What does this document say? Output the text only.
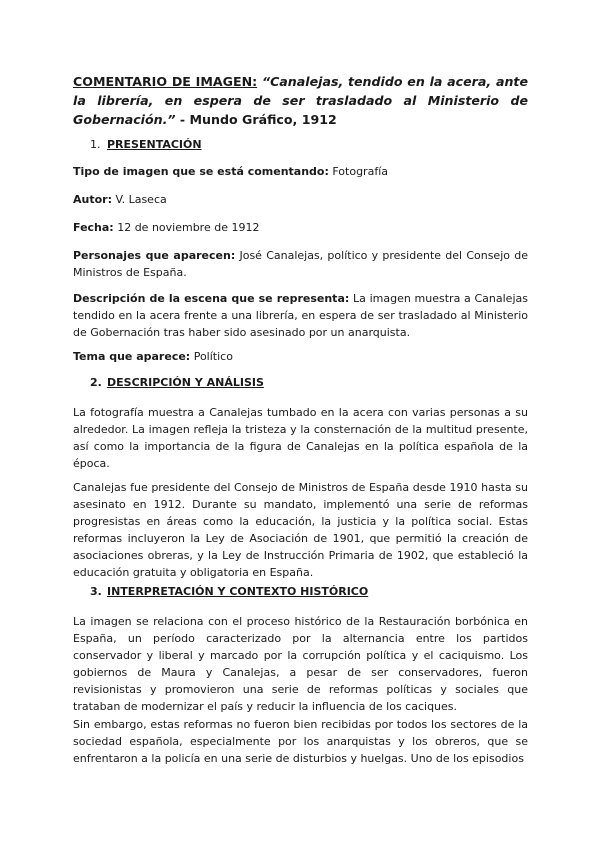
COMENTARIO DE IMAGEN: “Canalejas, tendido en la acera, ante la librería, en espera de ser trasladado al Ministerio de Gobernación.” - Mundo Gráfico, 1912
1. PRESENTACIÓN

Tipo de imagen que se está comentando: Fotografía

Autor: V. Laseca

Fecha: 12 de noviembre de 1912

Personajes que aparecen: José Canalejas, político y presidente del Consejo de Ministros de España.

Descripción de la escena que se representa: La imagen muestra a Canalejas tendido en la acera frente a una librería, en espera de ser trasladado al Ministerio de Gobernación tras haber sido asesinado por un anarquista.

Tema que aparece: Político

2. DESCRIPCIÓN Y ANÁLISIS

La fotografía muestra a Canalejas tumbado en la acera con varias personas a su alrededor. La imagen refleja la tristeza y la consternación de la multitud presente, así como la importancia de la figura de Canalejas en la política española de la época.

Canalejas fue presidente del Consejo de Ministros de España desde 1910 hasta su asesinato en 1912. Durante su mandato, implementó una serie de reformas progresistas en áreas como la educación, la justicia y la política social. Estas reformas incluyeron la Ley de Asociación de 1901, que permitió la creación de asociaciones obreras, y la Ley de Instrucción Primaria de 1902, que estableció la educación gratuita y obligatoria en España.

3. INTERPRETACIÓN Y CONTEXTO HISTÓRICO

La imagen se relaciona con el proceso histórico de la Restauración borbónica en España, un período caracterizado por la alternancia entre los partidos conservador y liberal y marcado por la corrupción política y el caciquismo. Los gobiernos de Maura y Canalejas, a pesar de ser conservadores, fueron revisionistas y promovieron una serie de reformas políticas y sociales que trataban de modernizar el país y reducir la influencia de los caciques.

Sin embargo, estas reformas no fueron bien recibidas por todos los sectores de la sociedad española, especialmente por los anarquistas y los obreros, que se enfrentaron a la policía en una serie de disturbios y huelgas. Uno de los episodios
